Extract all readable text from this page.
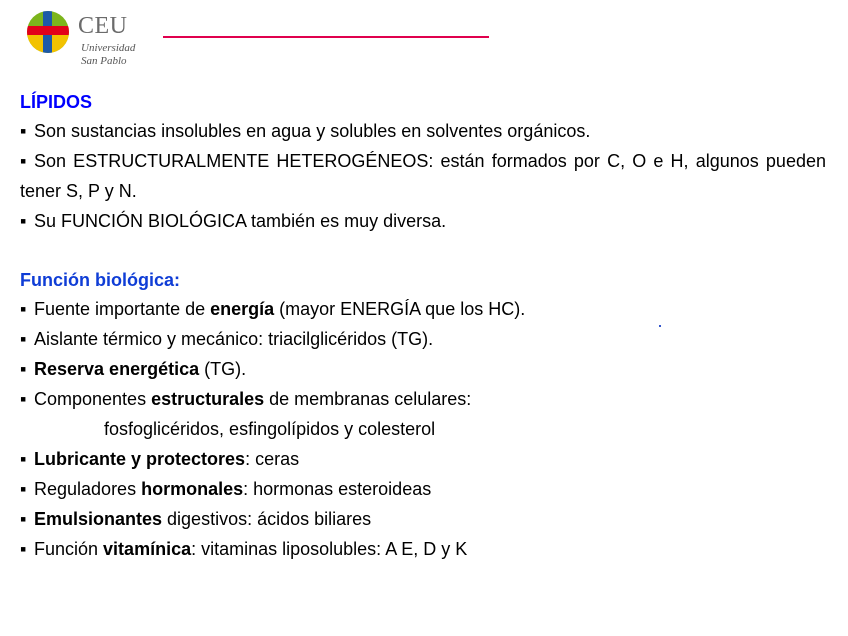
CEU
Universidad
San Pablo
LÍPIDOS

▪ Son sustancias insolubles en agua y solubles en solventes orgánicos.

▪ Son ESTRUCTURALMENTE HETEROGÉNEOS: están formados por C, O e H, algunos pueden tener S, P y N.

▪ Su FUNCIÓN BIOLÓGICA también es muy diversa.

Función biológica:

▪ Fuente importante de energía (mayor ENERGÍA que los HC).

▪ Aislante térmico y mecánico: triacilglicéridos (TG).

▪ Reserva energética (TG).

▪ Componentes estructurales de membranas celulares:

fosfoglicéridos, esfingolípidos y colesterol

▪ Lubricante y protectores: ceras

▪ Reguladores hormonales: hormonas esteroideas

▪ Emulsionantes digestivos: ácidos biliares

▪ Función vitamínica: vitaminas liposolubles: A E, D y K
